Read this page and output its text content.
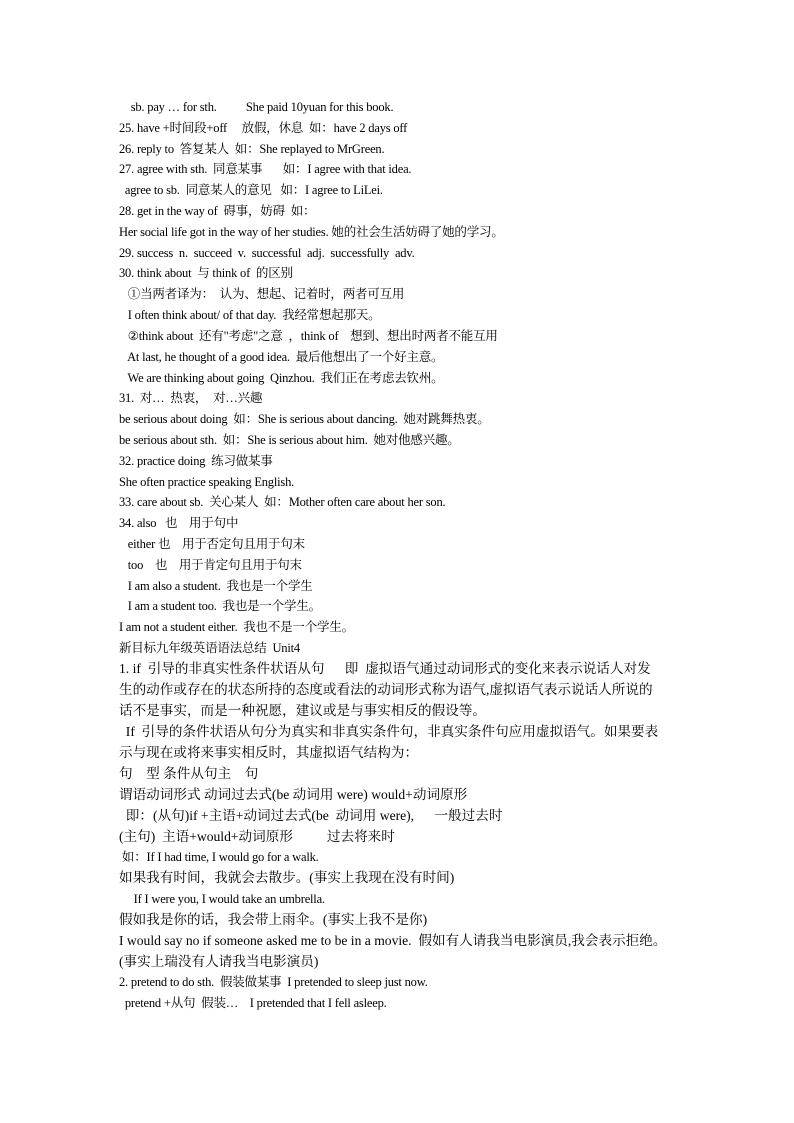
sb. pay … for sth.          She paid 10yuan for this book.
25. have +时间段+off     放假，休息  如：have 2 days off
26. reply to  答复某人  如：She replayed to MrGreen.
27. agree with sth.  同意某事       如：I agree with that idea.
agree to sb.  同意某人的意见   如：I agree to LiLei.
28. get in the way of  碍事，妨碍  如：
Her social life got in the way of her studies. 她的社会生活妨碍了她的学习。
29. success  n.  succeed  v.  successful  adj.  successfully  adv.
30. think about  与 think of  的区别
①当两者译为：  认为、想起、记着时，两者可互用
I often think about/ of that day.  我经常想起那天。
②think about  还有"考虑"之意  ，think of    想到、想出时两者不能互用
At last, he thought of a good idea.  最后他想出了一个好主意。
We are thinking about going  Qinzhou.  我们正在考虑去钦州。
31.  对…  热衷，  对…兴趣
be serious about doing  如：She is serious about dancing.  她对跳舞热衷。
be serious about sth.  如：She is serious about him.  她对他感兴趣。
32. practice doing  练习做某事
She often practice speaking English.
33. care about sb.  关心某人  如：Mother often care about her son.
34. also   也    用于句中
either 也    用于否定句且用于句末
too    也    用于肯定句且用于句末
I am also a student.  我也是一个学生
I am a student too.  我也是一个学生。
I am not a student either.  我也不是一个学生。
新目标九年级英语语法总结  Unit4
1. if  引导的非真实性条件状语从句      即  虚拟语气通过动词形式的变化来表示说话人对发
生的动作或存在的状态所持的态度或看法的动词形式称为语气,虚拟语气表示说话人所说的
话不是事实，而是一种祝愿，建议或是与事实相反的假设等。
If  引导的条件状语从句分为真实和非真实条件句，非真实条件句应用虚拟语气。如果要表
示与现在或将来事实相反时，其虚拟语气结构为：
句    型 条件从句主    句
谓语动词形式 动词过去式(be 动词用 were) would+动词原形
即：(从句)if +主语+动词过去式(be  动词用 were),      一般过去时
(主句)  主语+would+动词原形          过去将来时
如：If I had time, I would go for a walk.
如果我有时间，我就会去散步。(事实上我现在没有时间)
If I were you, I would take an umbrella.
假如我是你的话，我会带上雨伞。(事实上我不是你)
I would say no if someone asked me to be in a movie.  假如有人请我当电影演员,我会表示拒绝。
(事实上瑞没有人请我当电影演员)
2. pretend to do sth.  假装做某事  I pretended to sleep just now.
pretend +从句  假装…    I pretended that I fell asleep.
